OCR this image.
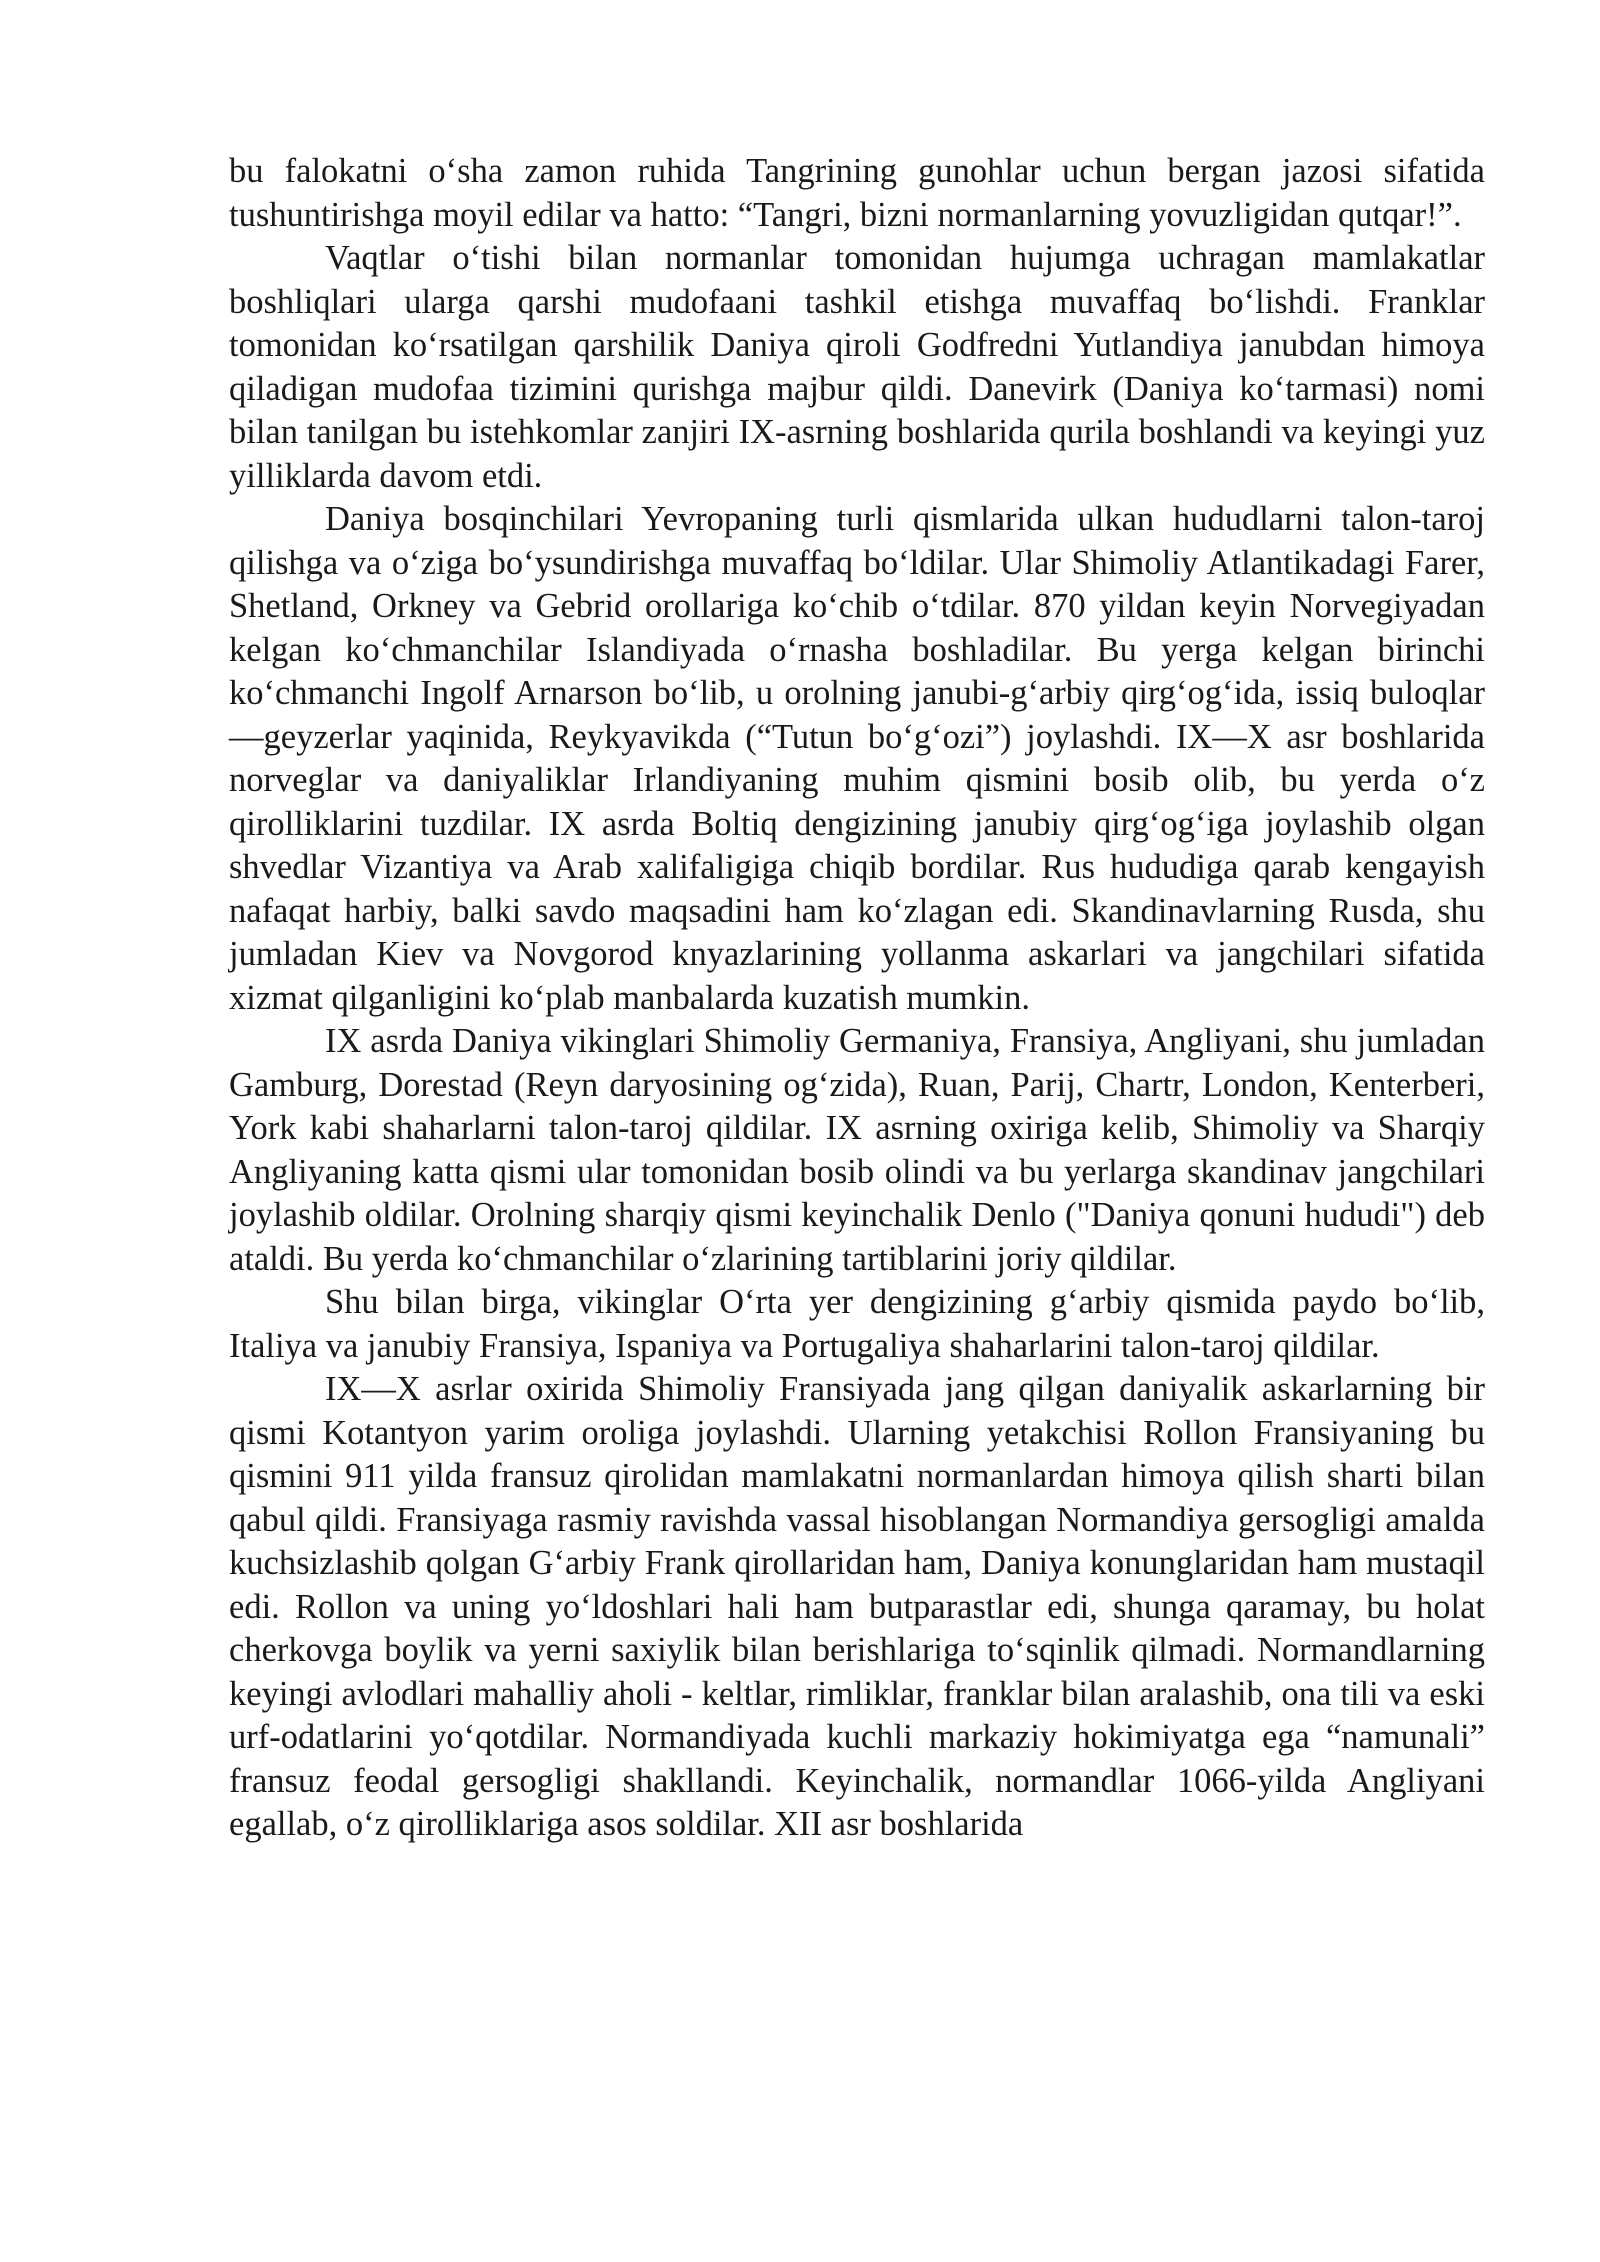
bu falokatni o‘sha zamon ruhida Tangrining gunohlar uchun bergan jazosi sifatida tushuntirishga moyil edilar va hatto: “Tangri, bizni normanlarning yovuzligidan qutqar!”.

Vaqtlar o‘tishi bilan normanlar tomonidan hujumga uchragan mamlakatlar boshliqlari ularga qarshi mudofaani tashkil etishga muvaffaq bo‘lishdi. Franklar tomonidan ko‘rsatilgan qarshilik Daniya qiroli Godfredni Yutlandiya janubdan himoya qiladigan mudofaa tizimini qurishga majbur qildi. Danevirk (Daniya ko‘tarmasi) nomi bilan tanilgan bu istehkomlar zanjiri IX-asrning boshlarida qurila boshlandi va keyingi yuz yilliklarda davom etdi.

Daniya bosqinchilari Yevropaning turli qismlarida ulkan hududlarni talon-taroj qilishga va o‘ziga bo‘ysundirishga muvaffaq bo‘ldilar. Ular Shimoliy Atlantikadagi Farer, Shetland, Orkney va Gebrid orollariga ko‘chib o‘tdilar. 870 yildan keyin Norvegiyadan kelgan ko‘chmanchilar Islandiyada o‘rnasha boshladilar. Bu yerga kelgan birinchi ko‘chmanchi Ingolf Arnarson bo‘lib, u orolning janubi-g‘arbiy qirg‘og‘ida, issiq buloqlar—geyzerlar yaqinida, Reykyavikda (“Tutun bo‘g‘ozi”) joylashdi. IX—X asr boshlarida norveglar va daniyaliklar Irlandiyaning muhim qismini bosib olib, bu yerda o‘z qirolliklarini tuzdilar. IX asrda Boltiq dengizining janubiy qirg‘og‘iga joylashib olgan shvedlar Vizantiya va Arab xalifaligiga chiqib bordilar. Rus hududiga qarab kengayish nafaqat harbiy, balki savdo maqsadini ham ko‘zlagan edi. Skandinavlarning Rusda, shu jumladan Kiev va Novgorod knyazlarining yollanma askarlari va jangchilari sifatida xizmat qilganligini ko‘plab manbalarda kuzatish mumkin.

IX asrda Daniya vikinglari Shimoliy Germaniya, Fransiya, Angliyani, shu jumladan Gamburg, Dorestad (Reyn daryosining og‘zida), Ruan, Parij, Chartr, London, Kenterberi, York kabi shaharlarni talon-taroj qildilar. IX asrning oxiriga kelib, Shimoliy va Sharqiy Angliyaning katta qismi ular tomonidan bosib olindi va bu yerlarga skandinav jangchilari joylashib oldilar. Orolning sharqiy qismi keyinchalik Denlo ("Daniya qonuni hududi") deb ataldi. Bu yerda ko‘chmanchilar o‘zlarining tartiblarini joriy qildilar.

Shu bilan birga, vikinglar O‘rta yer dengizining g‘arbiy qismida paydo bo‘lib, Italiya va janubiy Fransiya, Ispaniya va Portugaliya shaharlarini talon-taroj qildilar.

IX—X asrlar oxirida Shimoliy Fransiyada jang qilgan daniyalik askarlarning bir qismi Kotantyon yarim oroliga joylashdi. Ularning yetakchisi Rollon Fransiyaning bu qismini 911 yilda fransuz qirolidan mamlakatni normanlardan himoya qilish sharti bilan qabul qildi. Fransiyaga rasmiy ravishda vassal hisoblangan Normandiya gersogligi amalda kuchsizlashib qolgan G‘arbiy Frank qirollaridan ham, Daniya konunglaridan ham mustaqil edi. Rollon va uning yo‘ldoshlari hali ham butparastlar edi, shunga qaramay, bu holat cherkovga boylik va yerni saxiylik bilan berishlariga to‘sqinlik qilmadi. Normandlarning keyingi avlodlari mahalliy aholi - keltlar, rimliklar, franklar bilan aralashib, ona tili va eski urf-odatlarini yo‘qotdilar. Normandiyada kuchli markaziy hokimiyatga ega “namunali” fransuz feodal gersogligi shakllandi. Keyinchalik, normandlar 1066-yilda Angliyani egallab, o‘z qirolliklariga asos soldilar. XII asr boshlarida
